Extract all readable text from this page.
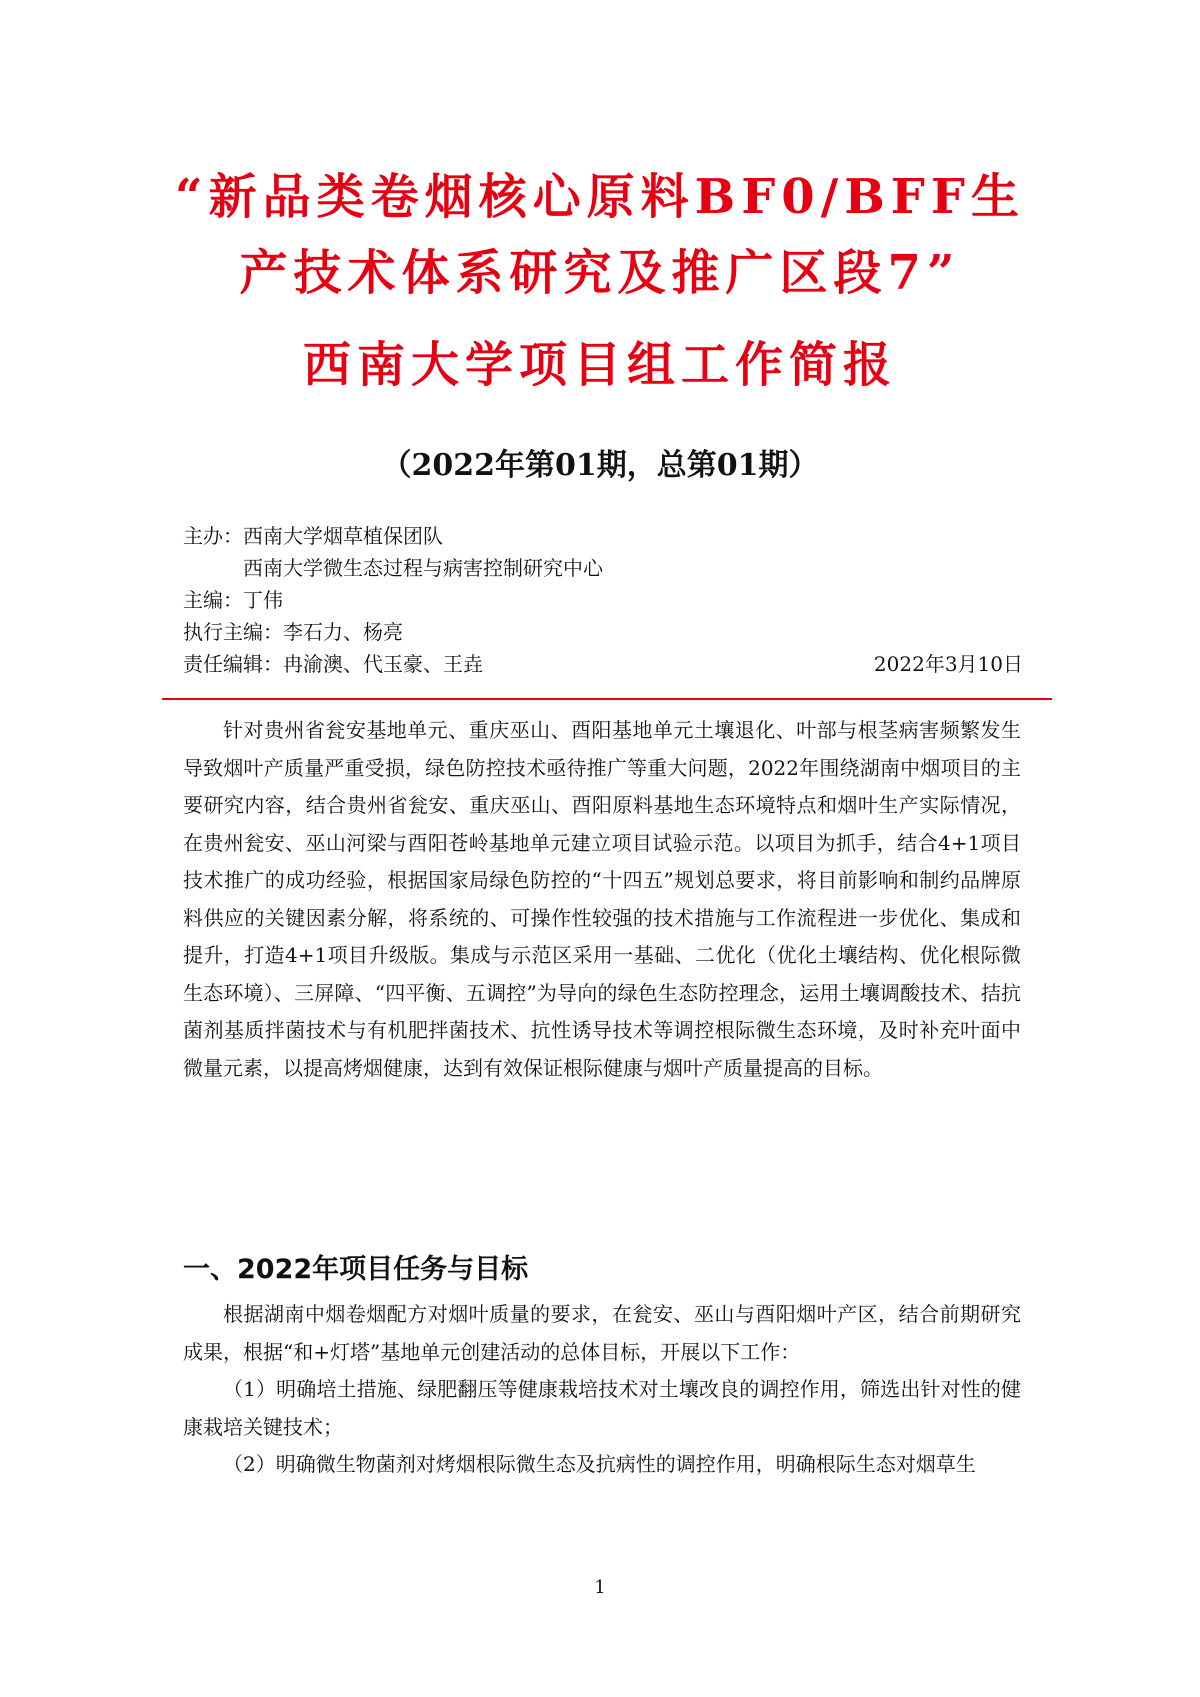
“新品类卷烟核心原料BF0/BFF生
产技术体系研究及推广区段7”
西南大学项目组工作简报
（2022年第01期，总第01期）
主办：西南大学烟草植保团队
西南大学微生态过程与病害控制研究中心
主编：丁伟
执行主编：李石力、杨亮
责任编辑：冉渝澳、代玉豪、王垚	2022年3月10日

针对贵州省瓮安基地单元、重庆巫山、酉阳基地单元土壤退化、叶部与根茎病害频繁发生导致烟叶产质量严重受损，绿色防控技术亟待推广等重大问题，2022年围绕湖南中烟项目的主要研究内容，结合贵州省瓮安、重庆巫山、酉阳原料基地生态环境特点和烟叶生产实际情况，在贵州瓮安、巫山河梁与酉阳苍岭基地单元建立项目试验示范。以项目为抓手，结合4+1项目技术推广的成功经验，根据国家局绿色防控的“十四五”规划总要求，将目前影响和制约品牌原料供应的关键因素分解，将系统的、可操作性较强的技术措施与工作流程进一步优化、集成和提升，打造4+1项目升级版。集成与示范区采用一基础、二优化（优化土壤结构、优化根际微生态环境）、三屏障、“四平衡、五调控”为导向的绿色生态防控理念，运用土壤调酸技术、拮抗菌剂基质拌菌技术与有机肥拌菌技术、抗性诱导技术等调控根际微生态环境，及时补充叶面中微量元素，以提高烤烟健康，达到有效保证根际健康与烟叶产质量提高的目标。

一、2022年项目任务与目标

根据湖南中烟卷烟配方对烟叶质量的要求，在瓮安、巫山与酉阳烟叶产区，结合前期研究成果，根据“和+灯塔”基地单元创建活动的总体目标，开展以下工作：

（1）明确培土措施、绿肥翻压等健康栽培技术对土壤改良的调控作用，筛选出针对性的健康栽培关键技术；

（2）明确微生物菌剂对烤烟根际微生态及抗病性的调控作用，明确根际生态对烟草生

1
